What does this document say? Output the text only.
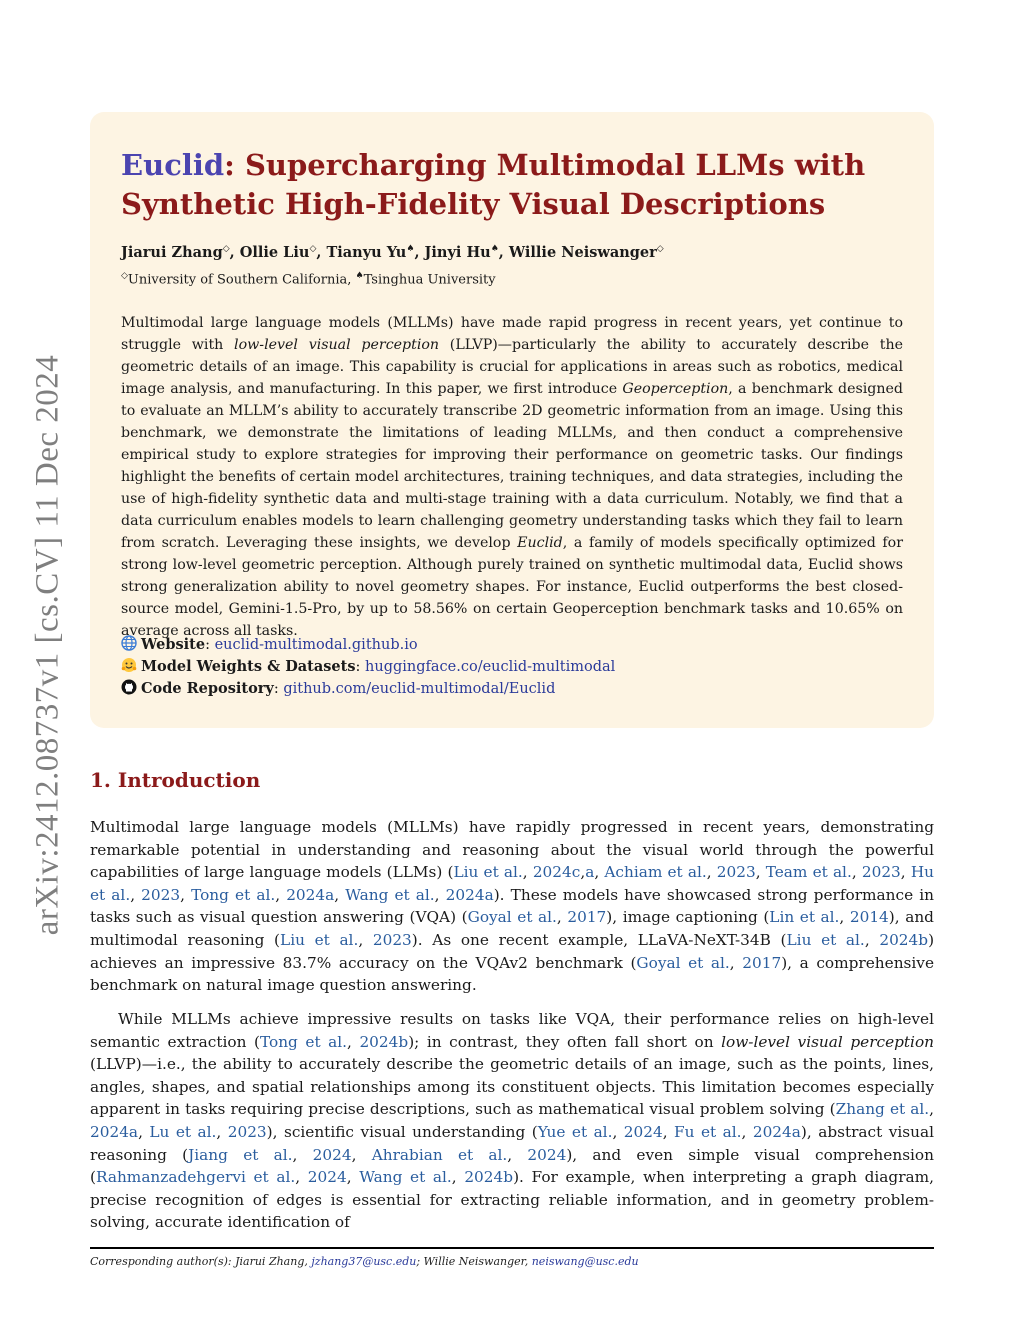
arXiv:2412.08737v1 [cs.CV] 11 Dec 2024
Euclid: Supercharging Multimodal LLMs with Synthetic High-Fidelity Visual Descriptions

Jiarui Zhang◇, Ollie Liu◇, Tianyu Yu♠, Jinyi Hu♠, Willie Neiswanger◇

◇University of Southern California, ♠Tsinghua University

Multimodal large language models (MLLMs) have made rapid progress in recent years, yet continue to struggle with low-level visual perception (LLVP)—particularly the ability to accurately describe the geometric details of an image. This capability is crucial for applications in areas such as robotics, medical image analysis, and manufacturing. In this paper, we first introduce Geoperception, a benchmark designed to evaluate an MLLM’s ability to accurately transcribe 2D geometric information from an image. Using this benchmark, we demonstrate the limitations of leading MLLMs, and then conduct a comprehensive empirical study to explore strategies for improving their performance on geometric tasks. Our findings highlight the benefits of certain model architectures, training techniques, and data strategies, including the use of high-fidelity synthetic data and multi-stage training with a data curriculum. Notably, we find that a data curriculum enables models to learn challenging geometry understanding tasks which they fail to learn from scratch. Leveraging these insights, we develop Euclid, a family of models specifically optimized for strong low-level geometric perception. Although purely trained on synthetic multimodal data, Euclid shows strong generalization ability to novel geometry shapes. For instance, Euclid outperforms the best closed-source model, Gemini-1.5-Pro, by up to 58.56% on certain Geoperception benchmark tasks and 10.65% on average across all tasks.

Website: euclid-multimodal.github.io
Model Weights & Datasets: huggingface.co/euclid-multimodal
Code Repository: github.com/euclid-multimodal/Euclid
1. Introduction

Multimodal large language models (MLLMs) have rapidly progressed in recent years, demonstrating remarkable potential in understanding and reasoning about the visual world through the powerful capabilities of large language models (LLMs) (Liu et al., 2024c,a, Achiam et al., 2023, Team et al., 2023, Hu et al., 2023, Tong et al., 2024a, Wang et al., 2024a). These models have showcased strong performance in tasks such as visual question answering (VQA) (Goyal et al., 2017), image captioning (Lin et al., 2014), and multimodal reasoning (Liu et al., 2023). As one recent example, LLaVA-NeXT-34B (Liu et al., 2024b) achieves an impressive 83.7% accuracy on the VQAv2 benchmark (Goyal et al., 2017), a comprehensive benchmark on natural image question answering.

While MLLMs achieve impressive results on tasks like VQA, their performance relies on high-level semantic extraction (Tong et al., 2024b); in contrast, they often fall short on low-level visual perception (LLVP)—i.e., the ability to accurately describe the geometric details of an image, such as the points, lines, angles, shapes, and spatial relationships among its constituent objects. This limitation becomes especially apparent in tasks requiring precise descriptions, such as mathematical visual problem solving (Zhang et al., 2024a, Lu et al., 2023), scientific visual understanding (Yue et al., 2024, Fu et al., 2024a), abstract visual reasoning (Jiang et al., 2024, Ahrabian et al., 2024), and even simple visual comprehension (Rahmanzadehgervi et al., 2024, Wang et al., 2024b). For example, when interpreting a graph diagram, precise recognition of edges is essential for extracting reliable information, and in geometry problem-solving, accurate identification of

Corresponding author(s): Jiarui Zhang, jzhang37@usc.edu; Willie Neiswanger, neiswang@usc.edu
